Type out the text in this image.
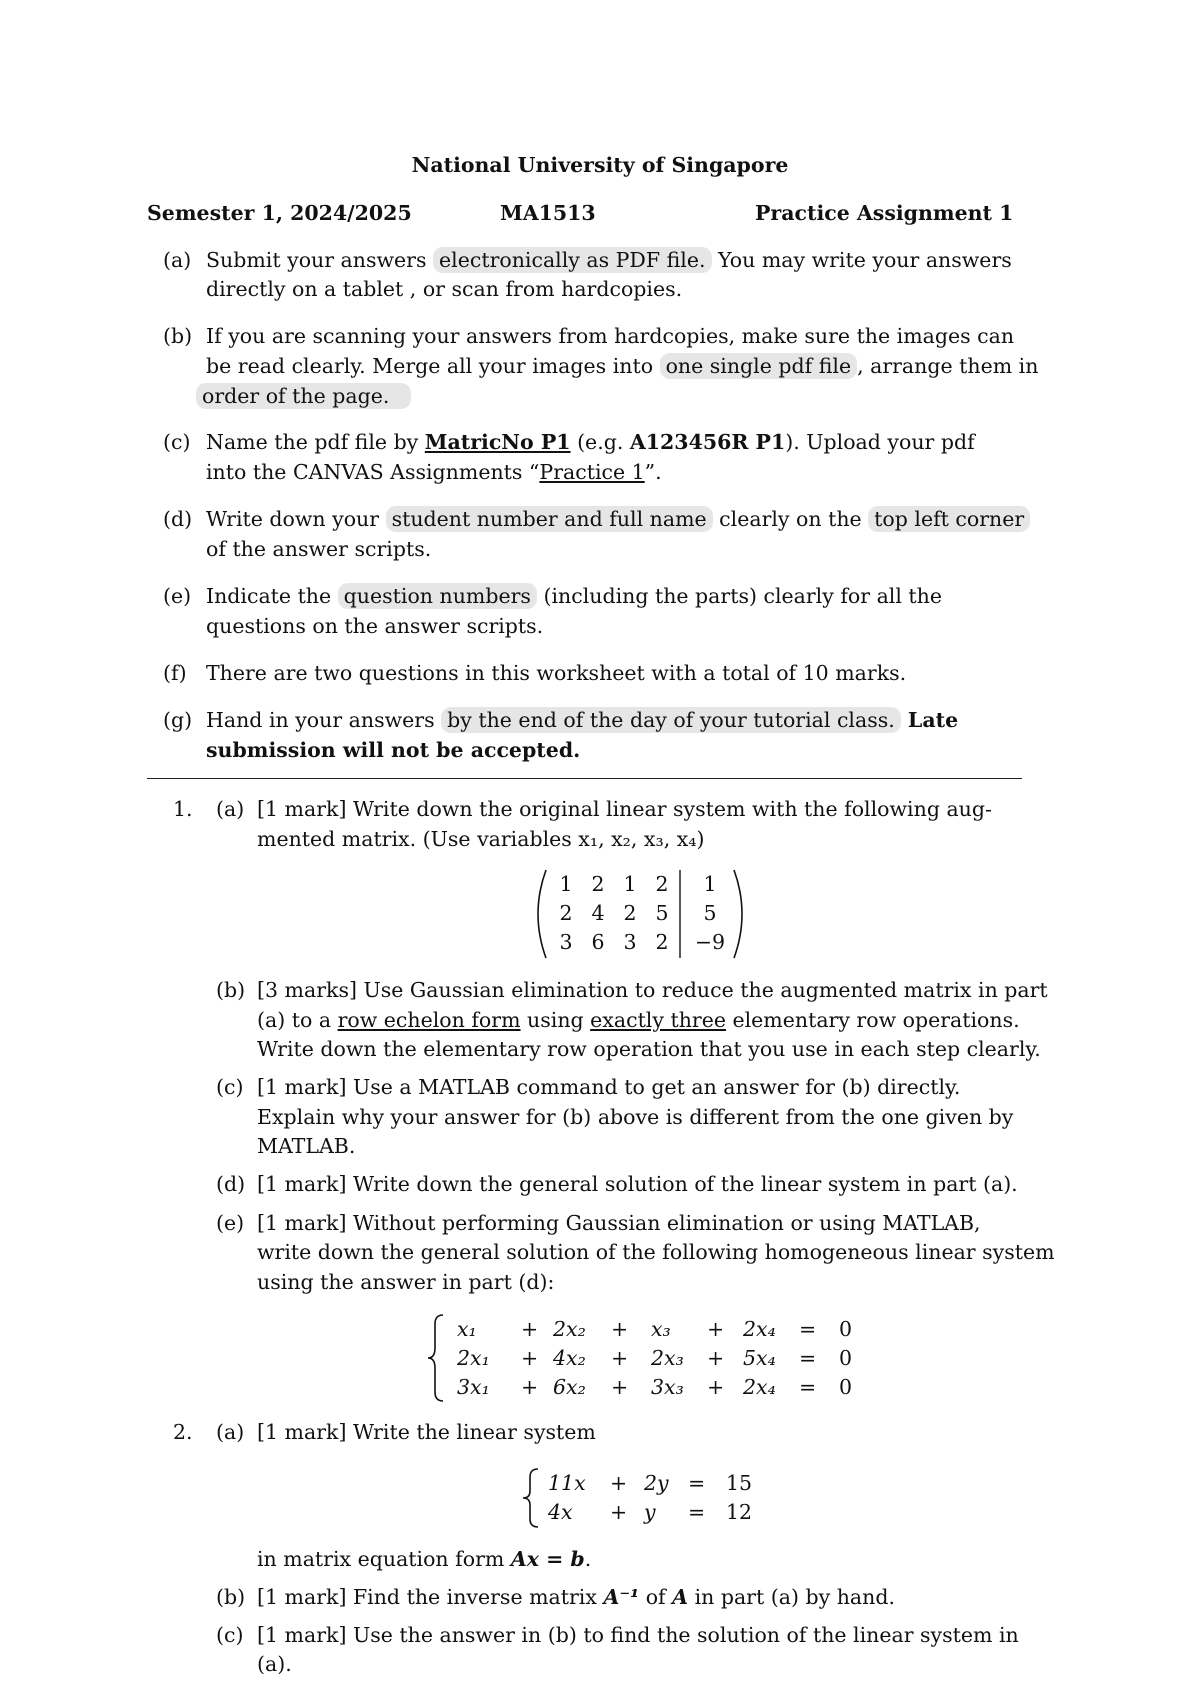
National University of Singapore
Semester 1, 2024/2025	MA1513	Practice Assignment 1
(a) Submit your answers electronically as PDF file. You may write your answers
directly on a tablet , or scan from hardcopies.
(b) If you are scanning your answers from hardcopies, make sure the images can
be read clearly. Merge all your images into one single pdf file , arrange them in
order of the page.
(c) Name the pdf file by MatricNo P1 (e.g. A123456R P1). Upload your pdf
into the CANVAS Assignments “Practice 1”.
(d) Write down your student number and full name clearly on the top left corner
of the answer scripts.
(e) Indicate the question numbers (including the parts) clearly for all the
questions on the answer scripts.
(f) There are two questions in this worksheet with a total of 10 marks.
(g) Hand in your answers by the end of the day of your tutorial class. Late
submission will not be accepted.
1. (a) [1 mark] Write down the original linear system with the following aug-
mented matrix. (Use variables x₁, x₂, x₃, x₄)
1 2 1 2	1
2 4 2 5	5
3 6 3 2	−9
(b) [3 marks] Use Gaussian elimination to reduce the augmented matrix in part
(a) to a row echelon form using exactly three elementary row operations.
Write down the elementary row operation that you use in each step clearly.
(c) [1 mark] Use a MATLAB command to get an answer for (b) directly.
Explain why your answer for (b) above is different from the one given by
MATLAB.
(d) [1 mark] Write down the general solution of the linear system in part (a).
(e) [1 mark] Without performing Gaussian elimination or using MATLAB,
write down the general solution of the following homogeneous linear system
using the answer in part (d):
x₁ + 2x₂ + x₃ + 2x₄ = 0
2x₁ + 4x₂ + 2x₃ + 5x₄ = 0
3x₁ + 6x₂ + 3x₃ + 2x₄ = 0
2. (a) [1 mark] Write the linear system
11x + 2y = 15
4x + y = 12
in matrix equation form Ax = b.
(b) [1 mark] Find the inverse matrix A⁻¹ of A in part (a) by hand.
(c) [1 mark] Use the answer in (b) to find the solution of the linear system in
(a).
